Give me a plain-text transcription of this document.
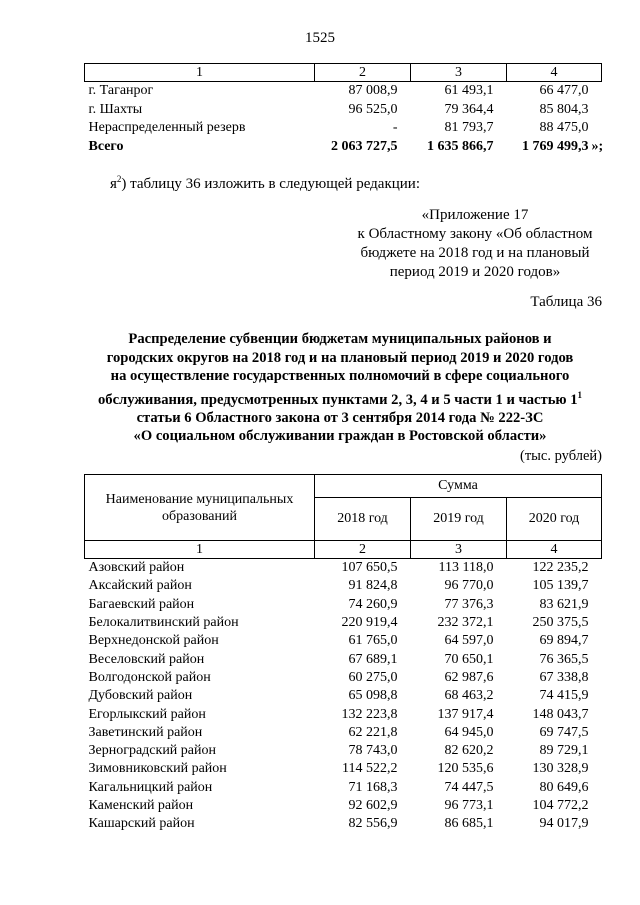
1525
1	2	3	4
г. Таганрог	87 008,9	61 493,1	66 477,0
г. Шахты	96 525,0	79 364,4	85 804,3
Нераспределенный резерв	-	81 793,7	88 475,0
Всего	2 063 727,5	1 635 866,7	1 769 499,3 »;
$я^2$) таблицу 36 изложить в следующей редакции:
«Приложение 17
к Областному закону «Об областном
бюджете на 2018 год и на плановый
период 2019 и 2020 годов»
Таблица 36
Распределение субвенции бюджетам муниципальных районов и
городских округов на 2018 год и на плановый период 2019 и 2020 годов
на осуществление государственных полномочий в сфере социального
обслуживания, предусмотренных пунктами 2, 3, 4 и 5 части 1 и частью $1^1$
статьи 6 Областного закона от 3 сентября 2014 года № 222-ЗС
«О социальном обслуживании граждан в Ростовской области»
(тыс. рублей)
Наименование муниципальных
образований	Сумма		
	2018 год	2019 год	2020 год
1	2	3	4
Азовский район	107 650,5	113 118,0	122 235,2
Аксайский район	91 824,8	96 770,0	105 139,7
Багаевский район	74 260,9	77 376,3	83 621,9
Белокалитвинский район	220 919,4	232 372,1	250 375,5
Верхнедонской район	61 765,0	64 597,0	69 894,7
Веселовский район	67 689,1	70 650,1	76 365,5
Волгодонской район	60 275,0	62 987,6	67 338,8
Дубовский район	65 098,8	68 463,2	74 415,9
Егорлыкский район	132 223,8	137 917,4	148 043,7
Заветинский район	62 221,8	64 945,0	69 747,5
Зерноградский район	78 743,0	82 620,2	89 729,1
Зимовниковский район	114 522,2	120 535,6	130 328,9
Кагальницкий район	71 168,3	74 447,5	80 649,6
Каменский район	92 602,9	96 773,1	104 772,2
Кашарский район	82 556,9	86 685,1	94 017,9
